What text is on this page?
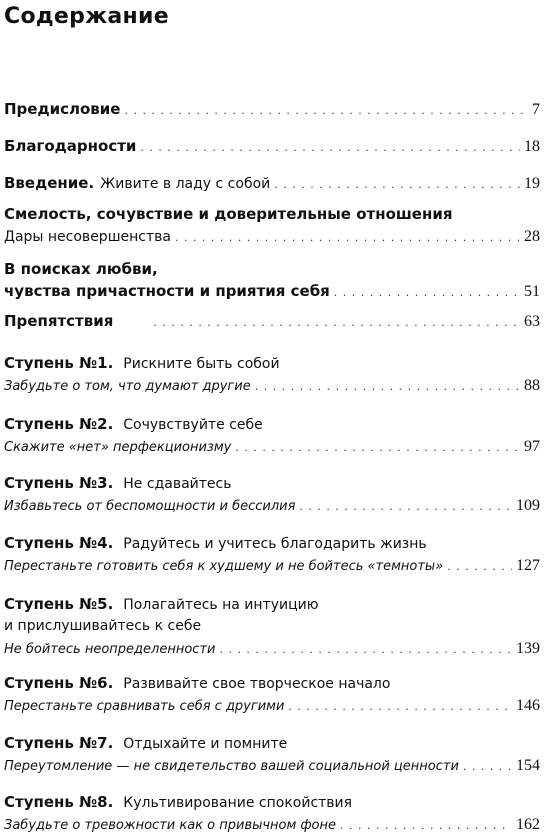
Содержание
Предисловие . . .	7
Благодарности . . .	18
Введение. Живите в ладу с собой . . .	19
Смелость, сочувствие и доверительные отношения
Дары несовершенства . . .	28
В поисках любви,
чувства причастности и приятия себя . . .	51
Препятствия . . .	63
Ступень №1. Рискните быть собой
Забудьте о том, что думают другие . . .	88
Ступень №2. Сочувствуйте себе
Скажите «нет» перфекционизму . . .	97
Ступень №3. Не сдавайтесь
Избавьтесь от беспомощности и бессилия . . .	109
Ступень №4. Радуйтесь и учитесь благодарить жизнь
Перестаньте готовить себя к худшему и не бойтесь «темноты» . . .	127
Ступень №5. Полагайтесь на интуицию
и прислушивайтесь к себе
Не бойтесь неопределенности . . .	139
Ступень №6. Развивайте свое творческое начало
Перестаньте сравнивать себя с другими . . .	146
Ступень №7. Отдыхайте и помните
Переутомление — не свидетельство вашей социальной ценности . . .	154
Ступень №8. Культивирование спокойствия
Забудьте о тревожности как о привычном фоне . . .	162
